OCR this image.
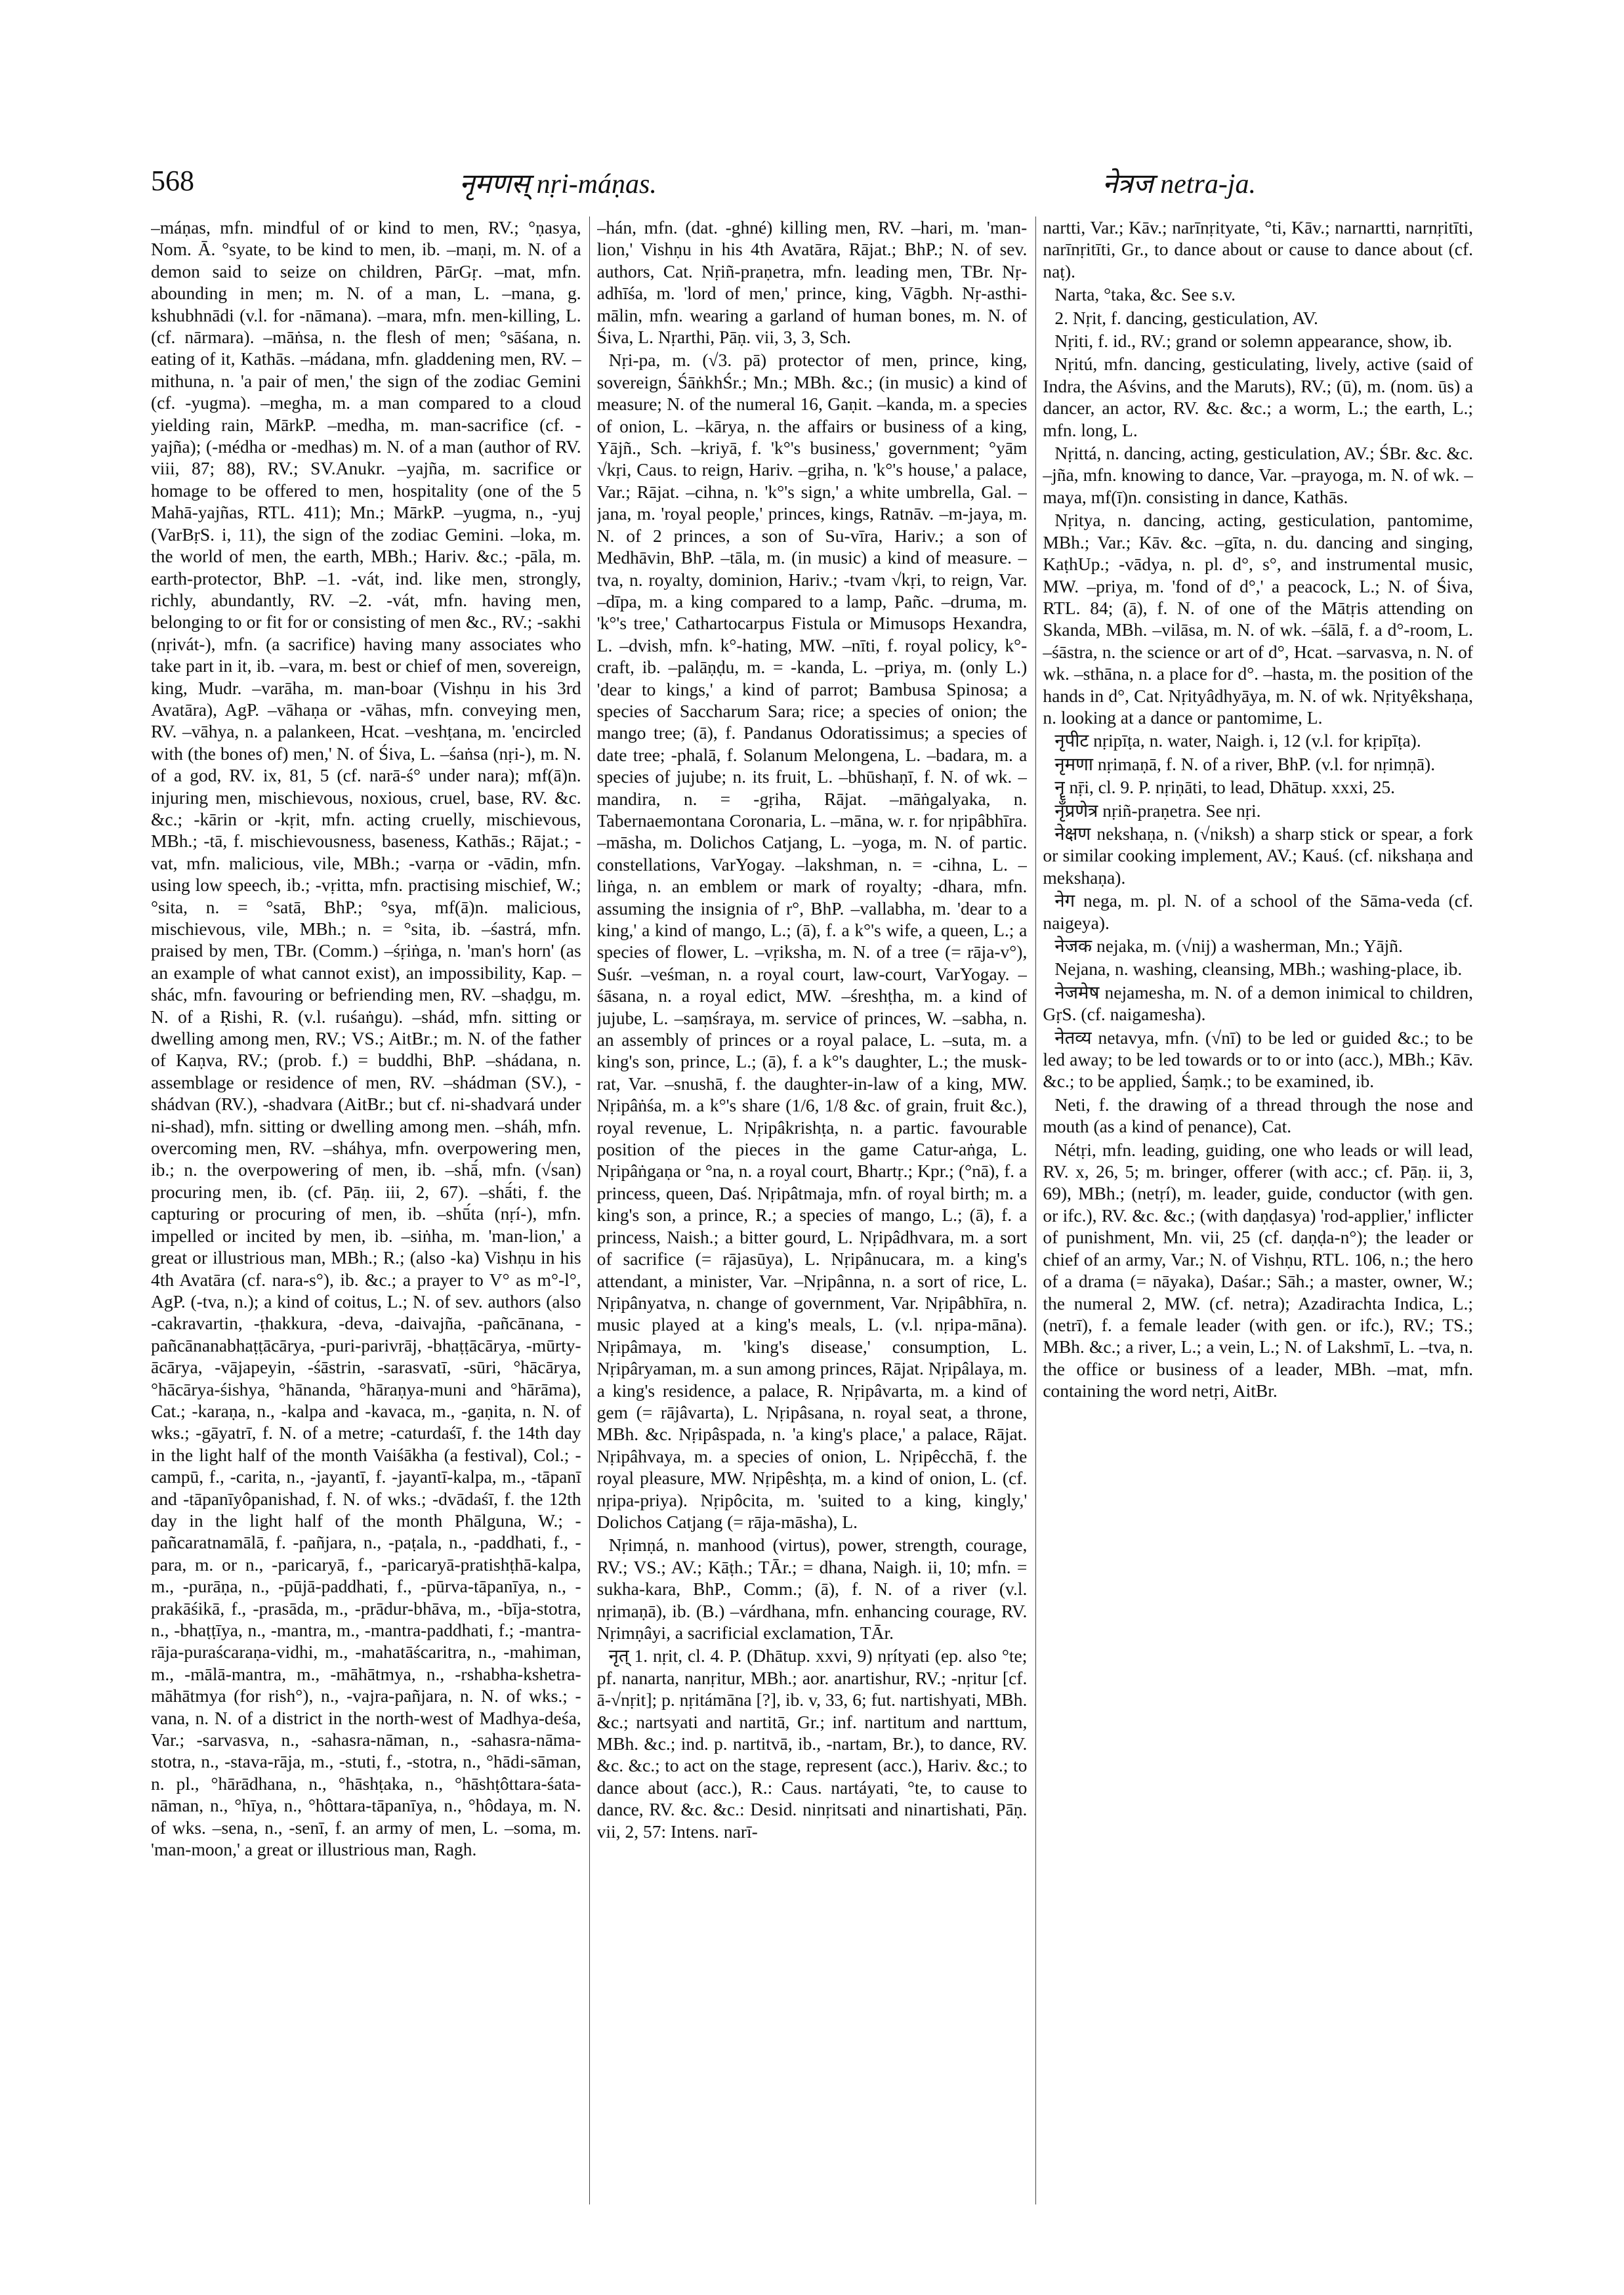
568	नृमणस् nṛi-máṇas.	नेत्रज netra-ja.

–máṇas, mfn. mindful of or kind to men, RV.; °ṇasya, Nom. Ā. °syate, to be kind to men, ib. –maṇi, m. N. of a demon said to seize on children, PārGṛ. –mat, mfn. abounding in men; m. N. of a man, L. –mana, g. kshubhnādi (v.l. for -nāmana). –mara, mfn. men-killing, L. (cf. nārmara). –māṅsa, n. the flesh of men; °sāśana, n. eating of it, Kathās. –mádana, mfn. gladdening men, RV. –mithuna, n. 'a pair of men,' the sign of the zodiac Gemini (cf. -yugma). –megha, m. a man compared to a cloud yielding rain, MārkP. –medha, m. man-sacrifice (cf. -yajña); (-médha or -medhas) m. N. of a man (author of RV. viii, 87; 88), RV.; SV.Anukr. –yajña, m. sacrifice or homage to be offered to men, hospitality (one of the 5 Mahā-yajñas, RTL. 411); Mn.; MārkP. –yugma, n., -yuj (VarBṛS. i, 11), the sign of the zodiac Gemini. –loka, m. the world of men, the earth, MBh.; Hariv. &c.; -pāla, m. earth-protector, BhP. –1. -vát, ind. like men, strongly, richly, abundantly, RV. –2. -vát, mfn. having men, belonging to or fit for or consisting of men &c., RV.; -sakhi (nṛivát-), mfn. (a sacrifice) having many associates who take part in it, ib. –vara, m. best or chief of men, sovereign, king, Mudr. –varāha, m. man-boar (Vishṇu in his 3rd Avatāra), AgP. –vāhaṇa or -vāhas, mfn. conveying men, RV. –vāhya, n. a palankeen, Hcat. –veshṭana, m. 'encircled with (the bones of) men,' N. of Śiva, L. –śaṅsa (nṛi-), m. N. of a god, RV. ix, 81, 5 (cf. narā-ś° under nara); mf(ā)n. injuring men, mischievous, noxious, cruel, base, RV. &c. &c.; -kārin or -kṛit, mfn. acting cruelly, mischievous, MBh.; -tā, f. mischievousness, baseness, Kathās.; Rājat.; -vat, mfn. malicious, vile, MBh.; -varṇa or -vādin, mfn. using low speech, ib.; -vṛitta, mfn. practising mischief, W.; °sita, n. = °satā, BhP.; °sya, mf(ā)n. malicious, mischievous, vile, MBh.; n. = °sita, ib. –śastrá, mfn. praised by men, TBr. (Comm.) –śṛiṅga, n. 'man's horn' (as an example of what cannot exist), an impossibility, Kap. –shác, mfn. favouring or befriending men, RV. –shaḍgu, m. N. of a Ṛishi, R. (v.l. ruśaṅgu). –shád, mfn. sitting or dwelling among men, RV.; VS.; AitBr.; m. N. of the father of Kaṇva, RV.; (prob. f.) = buddhi, BhP. –shádana, n. assemblage or residence of men, RV. –shádman (SV.), -shádvan (RV.), -shadvara (AitBr.; but cf. ni-shadvará under ni-shad), mfn. sitting or dwelling among men. –sháh, mfn. overcoming men, RV. –sháhya, mfn. overpowering men, ib.; n. the overpowering of men, ib. –shā́, mfn. (√san) procuring men, ib. (cf. Pāṇ. iii, 2, 67). –shā́ti, f. the capturing or procuring of men, ib. –shū́ta (nṛí-), mfn. impelled or incited by men, ib. –siṅha, m. 'man-lion,' a great or illustrious man, MBh.; R.; (also -ka) Vishṇu in his 4th Avatāra (cf. nara-s°), ib. &c.; a prayer to V° as m°-l°, AgP. (-tva, n.); a kind of coitus, L.; N. of sev. authors (also -cakravartin, -ṭhakkura, -deva, -daivajña, -pañcānana, -pañcānanabhaṭṭācārya, -puri-parivrāj, -bhaṭṭācārya, -mūrty-ācārya, -vājapeyin, -śāstrin, -sarasvatī, -sūri, °hācārya, °hācārya-śishya, °hānanda, °hāraṇya-muni and °hārāma), Cat.; -karaṇa, n., -kalpa and -kavaca, m., -gaṇita, n. N. of wks.; -gāyatrī, f. N. of a metre; -caturdaśī, f. the 14th day in the light half of the month Vaiśākha (a festival), Col.; -campū, f., -carita, n., -jayantī, f. -jayantī-kalpa, m., -tāpanī and -tāpanīyôpanishad, f. N. of wks.; -dvādaśī, f. the 12th day in the light half of the month Phālguna, W.; -pañcaratnamālā, f. -pañjara, n., -paṭala, n., -paddhati, f., -para, m. or n., -paricaryā, f., -paricaryā-pratishṭhā-kalpa, m., -purāṇa, n., -pūjā-paddhati, f., -pūrva-tāpanīya, n., -prakāśikā, f., -prasāda, m., -prādur-bhāva, m., -bīja-stotra, n., -bhaṭṭīya, n., -mantra, m., -mantra-paddhati, f.; -mantra-rāja-puraścaraṇa-vidhi, m., -mahatāścaritra, n., -mahiman, m., -mālā-mantra, m., -māhātmya, n., -rshabha-kshetra-māhātmya (for rish°), n., -vajra-pañjara, n. N. of wks.; -vana, n. N. of a district in the north-west of Madhya-deśa, Var.; -sarvasva, n., -sahasra-nāman, n., -sahasra-nāma-stotra, n., -stava-rāja, m., -stuti, f., -stotra, n., °hādi-sāman, n. pl., °hārādhana, n., °hāshṭaka, n., °hāshṭôttara-śata-nāman, n., °hīya, n., °hôttara-tāpanīya, n., °hôdaya, m. N. of wks. –sena, n., -senī, f. an army of men, L. –soma, m. 'man-moon,' a great or illustrious man, Ragh.

–hán, mfn. (dat. -ghné) killing men, RV. –hari, m. 'man-lion,' Vishṇu in his 4th Avatāra, Rājat.; BhP.; N. of sev. authors, Cat. Nṛiñ-praṇetra, mfn. leading men, TBr. Nṛ-adhīśa, m. 'lord of men,' prince, king, Vāgbh. Nṛ-asthi-mālin, mfn. wearing a garland of human bones, m. N. of Śiva, L. Nṛarthi, Pāṇ. vii, 3, 3, Sch.

Nṛi-pa, m. (√3. pā) protector of men, prince, king, sovereign, ŚāṅkhŚr.; Mn.; MBh. &c.; (in music) a kind of measure; N. of the numeral 16, Gaṇit. –kanda, m. a species of onion, L. –kārya, n. the affairs or business of a king, Yājñ., Sch. –kriyā, f. 'k°'s business,' government; °yām √kṛi, Caus. to reign, Hariv. –gṛiha, n. 'k°'s house,' a palace, Var.; Rājat. –cihna, n. 'k°'s sign,' a white umbrella, Gal. –jana, m. 'royal people,' princes, kings, Ratnāv. –m-jaya, m. N. of 2 princes, a son of Su-vīra, Hariv.; a son of Medhāvin, BhP. –tāla, m. (in music) a kind of measure. –tva, n. royalty, dominion, Hariv.; -tvam √kṛi, to reign, Var. –dīpa, m. a king compared to a lamp, Pañc. –druma, m. 'k°'s tree,' Cathartocarpus Fistula or Mimusops Hexandra, L. –dvish, mfn. k°-hating, MW. –nīti, f. royal policy, k°-craft, ib. –palāṇḍu, m. = -kanda, L. –priya, m. (only L.) 'dear to kings,' a kind of parrot; Bambusa Spinosa; a species of Saccharum Sara; rice; a species of onion; the mango tree; (ā), f. Pandanus Odoratissimus; a species of date tree; -phalā, f. Solanum Melongena, L. –badara, m. a species of jujube; n. its fruit, L. –bhūshaṇī, f. N. of wk. –mandira, n. = -gṛiha, Rājat. –māṅgalyaka, n. Tabernaemontana Coronaria, L. –māna, w. r. for nṛipâbhīra. –māsha, m. Dolichos Catjang, L. –yoga, m. N. of partic. constellations, VarYogay. –lakshman, n. = -cihna, L. –liṅga, n. an emblem or mark of royalty; -dhara, mfn. assuming the insignia of r°, BhP. –vallabha, m. 'dear to a king,' a kind of mango, L.; (ā), f. a k°'s wife, a queen, L.; a species of flower, L. –vṛiksha, m. N. of a tree (= rāja-v°), Suśr. –veśman, n. a royal court, law-court, VarYogay. –śāsana, n. a royal edict, MW. –śreshṭha, m. a kind of jujube, L. –saṃśraya, m. service of princes, W. –sabha, n. an assembly of princes or a royal palace, L. –suta, m. a king's son, prince, L.; (ā), f. a k°'s daughter, L.; the musk-rat, Var. –snushā, f. the daughter-in-law of a king, MW. Nṛipâṅśa, m. a k°'s share (1/6, 1/8 &c. of grain, fruit &c.), royal revenue, L. Nṛipâkrishṭa, n. a partic. favourable position of the pieces in the game Catur-aṅga, L. Nṛipâṅgaṇa or °na, n. a royal court, Bhartṛ.; Kpr.; (°nā), f. a princess, queen, Daś. Nṛipâtmaja, mfn. of royal birth; m. a king's son, a prince, R.; a species of mango, L.; (ā), f. a princess, Naish.; a bitter gourd, L. Nṛipâdhvara, m. a sort of sacrifice (= rājasūya), L. Nṛipânucara, m. a king's attendant, a minister, Var. –Nṛipânna, n. a sort of rice, L. Nṛipânyatva, n. change of government, Var. Nṛipâbhīra, n. music played at a king's meals, L. (v.l. nṛipa-māna). Nṛipâmaya, m. 'king's disease,' consumption, L. Nṛipâryaman, m. a sun among princes, Rājat. Nṛipâlaya, m. a king's residence, a palace, R. Nṛipâvarta, m. a kind of gem (= rājâvarta), L. Nṛipâsana, n. royal seat, a throne, MBh. &c. Nṛipâspada, n. 'a king's place,' a palace, Rājat. Nṛipâhvaya, m. a species of onion, L. Nṛipêcchā, f. the royal pleasure, MW. Nṛipêshṭa, m. a kind of onion, L. (cf. nṛipa-priya). Nṛipôcita, m. 'suited to a king, kingly,' Dolichos Catjang (= rāja-māsha), L.

Nṛimṇá, n. manhood (virtus), power, strength, courage, RV.; VS.; AV.; Kāṭh.; TĀr.; = dhana, Naigh. ii, 10; mfn. = sukha-kara, BhP., Comm.; (ā), f. N. of a river (v.l. nṛimaṇā), ib. (B.) –várdhana, mfn. enhancing courage, RV. Nṛimṇâyi, a sacrificial exclamation, TĀr.

नृत् 1. nṛit, cl. 4. P. (Dhātup. xxvi, 9) nṛítyati (ep. also °te; pf. nanarta, nanṛitur, MBh.; aor. anartishur, RV.; -nṛitur [cf. ā-√nṛit]; p. nṛitámāna [?], ib. v, 33, 6; fut. nartishyati, MBh. &c.; nartsyati and nartitā, Gr.; inf. nartitum and narttum, MBh. &c.; ind. p. nartitvā, ib., -nartam, Br.), to dance, RV. &c. &c.; to act on the stage, represent (acc.), Hariv. &c.; to dance about (acc.), R.: Caus. nartáyati, °te, to cause to dance, RV. &c. &c.: Desid. ninṛitsati and ninartishati, Pāṇ. vii, 2, 57: Intens. narī-

nartti, Var.; Kāv.; narīnṛityate, °ti, Kāv.; narnartti, narnṛitīti, narīnṛitīti, Gr., to dance about or cause to dance about (cf. naṭ).

Narta, °taka, &c. See s.v.

2. Nṛit, f. dancing, gesticulation, AV.

Nṛiti, f. id., RV.; grand or solemn appearance, show, ib.

Nṛitú, mfn. dancing, gesticulating, lively, active (said of Indra, the Aśvins, and the Maruts), RV.; (ū), m. (nom. ūs) a dancer, an actor, RV. &c. &c.; a worm, L.; the earth, L.; mfn. long, L.

Nṛittá, n. dancing, acting, gesticulation, AV.; ŚBr. &c. &c. –jña, mfn. knowing to dance, Var. –prayoga, m. N. of wk. –maya, mf(ī)n. consisting in dance, Kathās.

Nṛitya, n. dancing, acting, gesticulation, pantomime, MBh.; Var.; Kāv. &c. –gīta, n. du. dancing and singing, KaṭhUp.; -vādya, n. pl. d°, s°, and instrumental music, MW. –priya, m. 'fond of d°,' a peacock, L.; N. of Śiva, RTL. 84; (ā), f. N. of one of the Mātṛis attending on Skanda, MBh. –vilāsa, m. N. of wk. –śālā, f. a d°-room, L. –śāstra, n. the science or art of d°, Hcat. –sarvasva, n. N. of wk. –sthāna, n. a place for d°. –hasta, m. the position of the hands in d°, Cat. Nṛityâdhyāya, m. N. of wk. Nṛityêkshaṇa, n. looking at a dance or pantomime, L.

नृपीट nṛipīṭa, n. water, Naigh. i, 12 (v.l. for kṛipīṭa).

नृमणा nṛimaṇā, f. N. of a river, BhP. (v.l. for nṛimṇā).

नॄ nṝi, cl. 9. P. nṛiṇāti, to lead, Dhātup. xxxi, 25.

नृँप्रणेत्र nṛiñ-praṇetra. See nṛi.

नेक्षण nekshaṇa, n. (√niksh) a sharp stick or spear, a fork or similar cooking implement, AV.; Kauś. (cf. nikshaṇa and mekshaṇa).

नेग nega, m. pl. N. of a school of the Sāma-veda (cf. naigeya).

नेजक nejaka, m. (√nij) a washerman, Mn.; Yājñ.

Nejana, n. washing, cleansing, MBh.; washing-place, ib.

नेजमेष nejamesha, m. N. of a demon inimical to children, GṛS. (cf. naigamesha).

नेतव्य netavya, mfn. (√nī) to be led or guided &c.; to be led away; to be led towards or to or into (acc.), MBh.; Kāv. &c.; to be applied, Śaṃk.; to be examined, ib.

Neti, f. the drawing of a thread through the nose and mouth (as a kind of penance), Cat.

Nétṛi, mfn. leading, guiding, one who leads or will lead, RV. x, 26, 5; m. bringer, offerer (with acc.; cf. Pāṇ. ii, 3, 69), MBh.; (netṛí), m. leader, guide, conductor (with gen. or ifc.), RV. &c. &c.; (with daṇḍasya) 'rod-applier,' inflicter of punishment, Mn. vii, 25 (cf. daṇḍa-n°); the leader or chief of an army, Var.; N. of Vishṇu, RTL. 106, n.; the hero of a drama (= nāyaka), Daśar.; Sāh.; a master, owner, W.; the numeral 2, MW. (cf. netra); Azadirachta Indica, L.; (netrī), f. a female leader (with gen. or ifc.), RV.; TS.; MBh. &c.; a river, L.; a vein, L.; N. of Lakshmī, L. –tva, n. the office or business of a leader, MBh. –mat, mfn. containing the word netṛi, AitBr.
